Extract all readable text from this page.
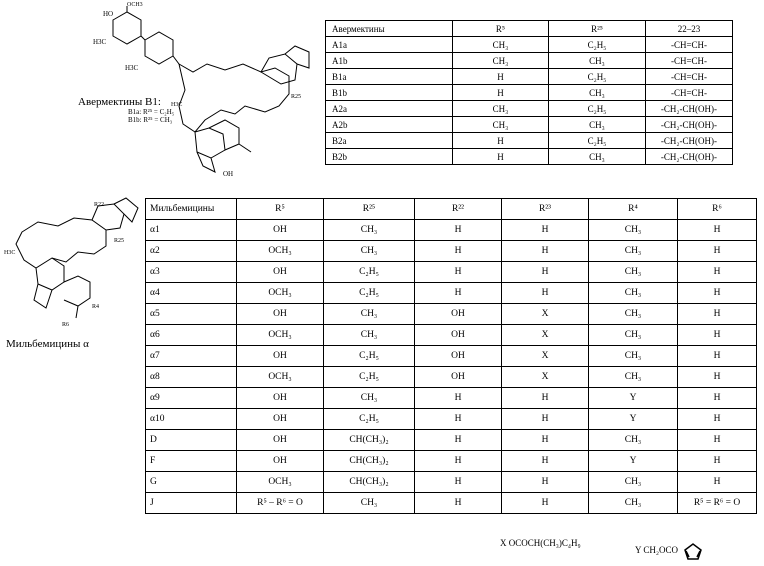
OH
HO
OCH3
H3C
H3C
H3C
R25
Авермектины В1:
В1а: R²⁵ = C₂H₅
В1b: R²⁵ = CH₃
Авермектины	R⁵	R²⁵	22–23
A1a	CH₃	C₂H₅	-CH=CH-
A1b	CH₃	CH₃	-CH=CH-
B1a	H	C₂H₅	-CH=CH-
B1b	H	CH₃	-CH=CH-
A2a	CH₃	C₂H₅	-CH₂-CH(OH)-
A2b	CH₃	CH₃	-CH₂-CH(OH)-
B2a	H	C₂H₅	-CH₂-CH(OH)-
B2b	H	CH₃	-CH₂-CH(OH)-
R22
R25
R4
R6
H3C
Мильбемицины α
Мильбемицины	R⁵	R²⁵	R²²	R²³	R⁴	R⁶
α1	OH	CH₃	H	H	CH₃	H
α2	OCH₃	CH₃	H	H	CH₃	H
α3	OH	C₂H₅	H	H	CH₃	H
α4	OCH₃	C₂H₅	H	H	CH₃	H
α5	OH	CH₃	OH	X	CH₃	H
α6	OCH₃	CH₃	OH	X	CH₃	H
α7	OH	C₂H₅	OH	X	CH₃	H
α8	OCH₃	C₂H₅	OH	X	CH₃	H
α9	OH	CH₃	H	H	Y	H
α10	OH	C₂H₅	H	H	Y	H
D	OH	CH(CH₃)₂	H	H	CH₃	H
F	OH	CH(CH₃)₂	H	H	Y	H
G	OCH₃	CH(CH₃)₂	H	H	CH₃	H
J	R⁵ – R⁶ = O	CH₃	H	H	CH₃	R⁵ = R⁶ = O
X OCOCH(CH₃)C₄H₉
Y CH₂OCO
